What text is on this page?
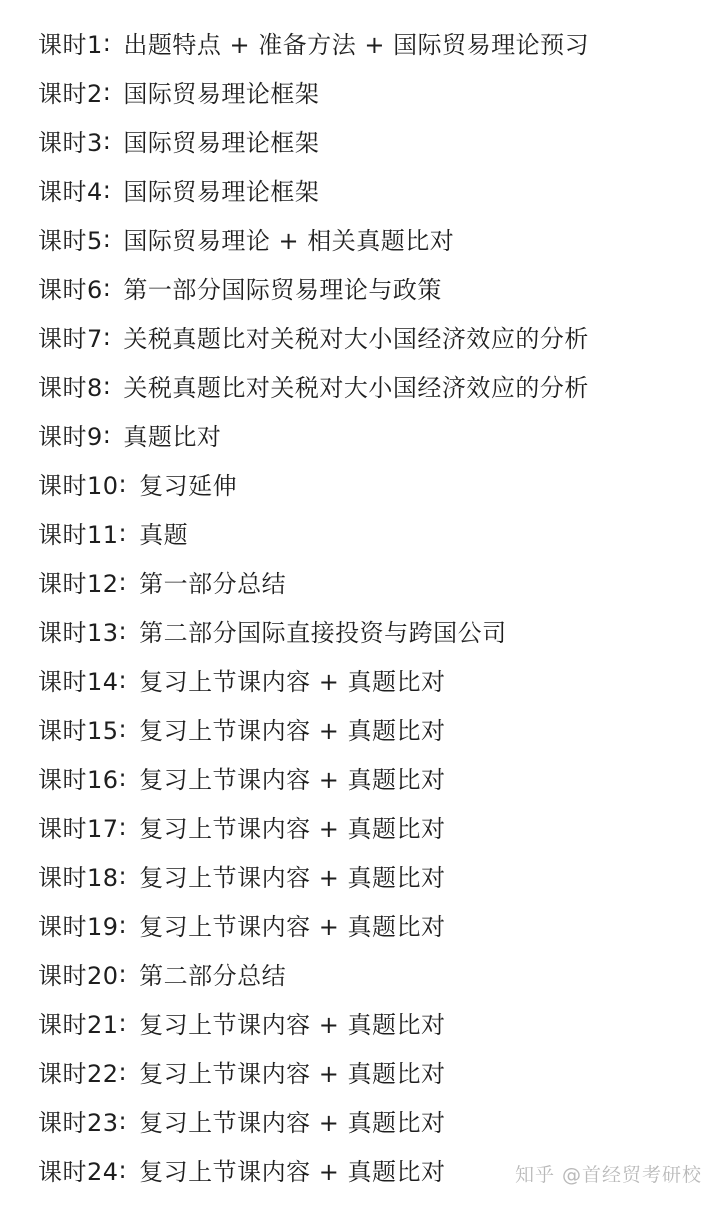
课时1 : 出题特点 + 准备方法 + 国际贸易理论预习
课时2 : 国际贸易理论框架
课时3 : 国际贸易理论框架
课时4 : 国际贸易理论框架
课时5 : 国际贸易理论 + 相关真题比对
课时6 : 第一部分国际贸易理论与政策
课时7 : 关税真题比对关税对大小国经济效应的分析
课时8 : 关税真题比对关税对大小国经济效应的分析
课时9 : 真题比对
课时10 : 复习延伸
课时11 : 真题
课时12 : 第一部分总结
课时13 : 第二部分国际直接投资与跨国公司
课时14 : 复习上节课内容 + 真题比对
课时15 : 复习上节课内容 + 真题比对
课时16 : 复习上节课内容 + 真题比对
课时17 : 复习上节课内容 + 真题比对
课时18 : 复习上节课内容 + 真题比对
课时19 : 复习上节课内容 + 真题比对
课时20 : 第二部分总结
课时21 : 复习上节课内容 + 真题比对
课时22 : 复习上节课内容 + 真题比对
课时23 : 复习上节课内容 + 真题比对
课时24 : 复习上节课内容 + 真题比对	知乎 @首经贸考研校
